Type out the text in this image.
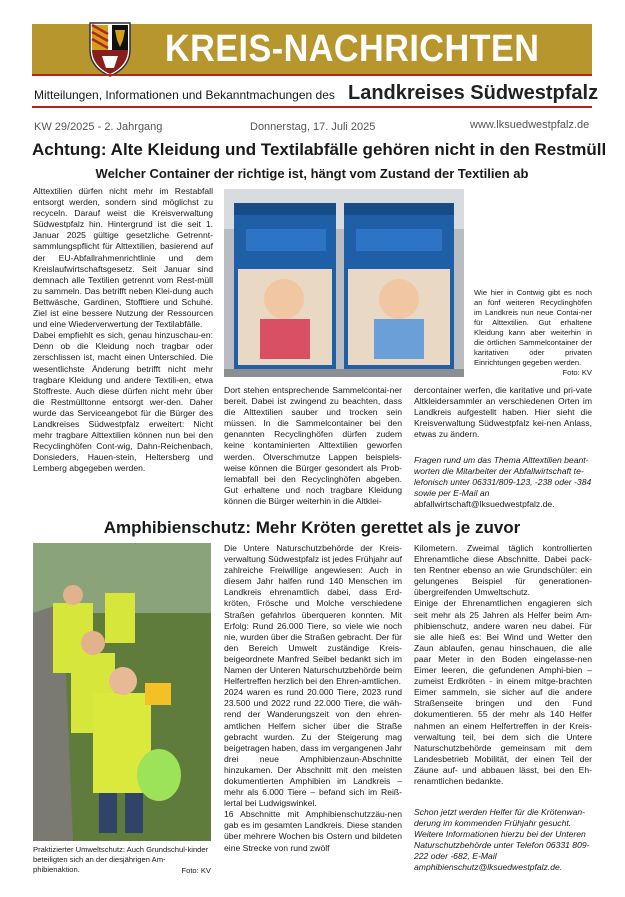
KREIS-NACHRICHTEN
Mitteilungen, Informationen und Bekanntmachungen des Landkreises Südwestpfalz
KW 29/2025 - 2. Jahrgang	Donnerstag, 17. Juli 2025	www.lksuedwestpfalz.de
Achtung: Alte Kleidung und Textilabfälle gehören nicht in den Restmüll
Welcher Container der richtige ist, hängt vom Zustand der Textilien ab
Alttextilien dürfen nicht mehr im Restabfall entsorgt werden, sondern sind möglichst zu recyceln. Darauf weist die Kreisverwaltung Südwestpfalz hin. Hintergrund ist die seit 1. Januar 2025 gültige gesetzliche Getrennt-sammlungspflicht für Alttextilien, basierend auf der EU-Abfallrahmenrichtlinie und dem Kreislaufwirtschaftsgesetz. Seit Januar sind demnach alle Textilien getrennt vom Rest-müll zu sammeln. Das betrifft neben Klei-dung auch Bettwäsche, Gardinen, Stofftiere und Schuhe. Ziel ist eine bessere Nutzung der Ressourcen und eine Wiederverwertung der Textilabfälle.
Dabei empfiehlt es sich, genau hinzuschau-en: Denn ob die Kleidung noch tragbar oder zerschlissen ist, macht einen Unterschied. Die wesentlichste Änderung betrifft nicht mehr tragbare Kleidung und andere Textili-en, etwa Stoffreste. Auch diese dürfen nicht mehr über die Restmülltonne entsorgt wer-den. Daher wurde das Serviceangebot für die Bürger des Landkreises Südwestpfalz erweitert: Nicht mehr tragbare Alttextilien können nun bei den Recyclinghöfen Cont-wig, Dahn-Reichenbach, Donsieders, Hauen-stein, Heltersberg und Lemberg abgegeben werden.
Wie hier in Contwig gibt es noch an fünf weiteren Recyclinghöfen im Landkreis nun neue Contai-ner für Alttextilien. Gut erhaltene Kleidung kann aber weiterhin in die örtlichen Sammelcontainer der karitativen oder privaten Einrichtungen gegeben werden.
Foto: KV
Dort stehen entsprechende Sammelcontai-ner bereit. Dabei ist zwingend zu beachten, dass die Alttextilien sauber und trocken sein müssen. In die Sammelcontainer bei den genannten Recyclinghöfen dürfen zudem keine kontaminierten Alttextilien geworfen werden. Ölverschmutze Lappen beispiels-weise können die Bürger gesondert als Prob-lemabfall bei den Recyclinghöfen abgeben. Gut erhaltene und noch tragbare Kleidung können die Bürger weiterhin in die Altklei-
dercontainer werfen, die karitative und pri-vate Altkleidersammler an verschiedenen Orten im Landkreis aufgestellt haben. Hier sieht die Kreisverwaltung Südwestpfalz kei-nen Anlass, etwas zu ändern.
Fragen rund um das Thema Alttextilien beant-worten die Mitarbeiter der Abfallwirtschaft te-lefonisch unter 06331/809-123, -238 oder -384 sowie per E-Mail an
abfallwirtschaft@lksuedwestpfalz.de.
Amphibienschutz: Mehr Kröten gerettet als je zuvor
Praktizierter Umweltschutz: Auch Grundschul-kinder beteiligten sich an der diesjährigen Am-phibienaktion.	Foto: KV
Die Untere Naturschutzbehörde der Kreis-verwaltung Südwestpfalz ist jedes Frühjahr auf zahlreiche Freiwillige angewiesen: Auch in diesem Jahr halfen rund 140 Menschen im Landkreis ehrenamtlich dabei, dass Erd-kröten, Frösche und Molche verschiedene Straßen gefahrlos überqueren konnten. Mit Erfolg: Rund 26.000 Tiere, so viele wie noch nie, wurden über die Straßen gebracht. Der für den Bereich Umwelt zuständige Kreis-beigeordnete Manfred Seibel bedankt sich im Namen der Unteren Naturschutzbehörde beim Helfertreffen herzlich bei den Ehren-amtlichen.
2024 waren es rund 20.000 Tiere, 2023 rund 23.500 und 2022 rund 22.000 Tiere, die wäh-rend der Wanderungszeit von den ehren-amtlichen Helfern sicher über die Straße gebracht wurden. Zu der Steigerung mag beigetragen haben, dass im vergangenen Jahr drei neue Amphibienzaun-Abschnitte hinzukamen. Der Abschnitt mit den meisten dokumentierten Amphibien im Landkreis – mehr als 6.000 Tiere – befand sich im Reiß-lertal bei Ludwigswinkel.
16 Abschnitte mit Amphibienschutzzäu-nen gab es im gesamten Landkreis. Diese standen über mehrere Wochen bis Ostern und bildeten eine Strecke von rund zwölf
Kilometern. Zweimal täglich kontrollierten Ehrenamtliche diese Abschnitte. Dabei pack-ten Rentner ebenso an wie Grundschüler: ein gelungenes Beispiel für generationen-übergreifenden Umweltschutz.
Einige der Ehrenamtlichen engagieren sich seit mehr als 25 Jahren als Helfer beim Am-phibienschutz, andere waren neu dabei. Für sie alle hieß es: Bei Wind und Wetter den Zaun ablaufen, genau hinschauen, die alle paar Meter in den Boden eingelasse-nen Eimer leeren, die gefundenen Amphi-bien – zumeist Erdkröten - in einem mitge-brachten Eimer sammeln, sie sicher auf die andere Straßenseite bringen und den Fund dokumentieren. 55 der mehr als 140 Helfer nahmen an einem Helfertreffen in der Kreis-verwaltung teil, bei dem sich die Untere Naturschutzbehörde gemeinsam mit dem Landesbetrieb Mobilität, der einen Teil der Zäune auf- und abbauen lässt, bei den Eh-renamtlichen bedankte.
Schon jetzt werden Helfer für die Krötenwan-derung im kommenden Frühjahr gesucht. Weitere Informationen hierzu bei der Unteren Naturschutzbehörde unter Telefon 06331 809-222 oder -682, E-Mail amphibienschutz@lksuedwestpfalz.de.
